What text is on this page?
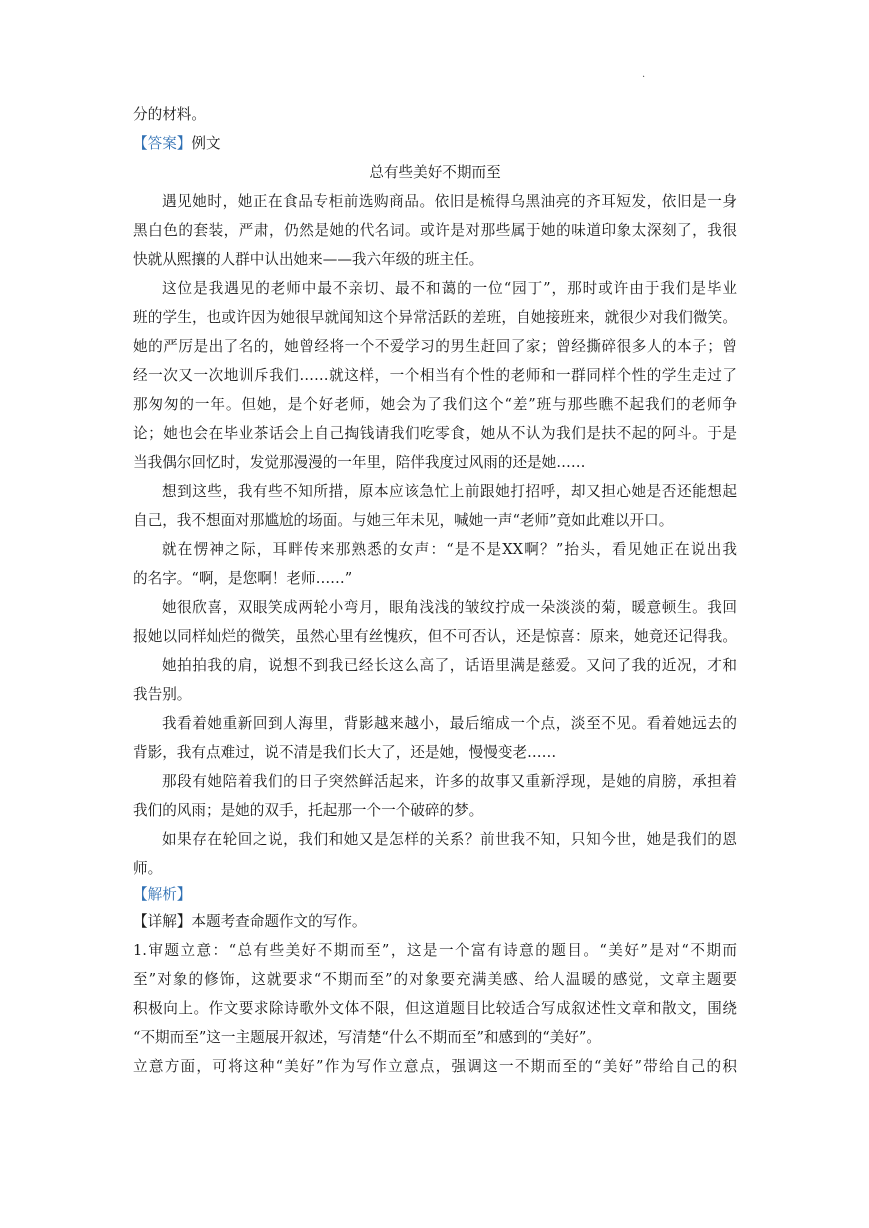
·
分的材料。
【答案】例文
总有些美好不期而至
遇见她时，她正在食品专柜前选购商品。依旧是梳得乌黑油亮的齐耳短发，依旧是一身
黑白色的套装，严肃，仍然是她的代名词。或许是对那些属于她的味道印象太深刻了，我很
快就从熙攘的人群中认出她来——我六年级的班主任。
这位是我遇见的老师中最不亲切、最不和蔼的一位“园丁”，那时或许由于我们是毕业
班的学生，也或许因为她很早就闻知这个异常活跃的差班，自她接班来，就很少对我们微笑。
她的严厉是出了名的，她曾经将一个不爱学习的男生赶回了家；曾经撕碎很多人的本子；曾
经一次又一次地训斥我们……就这样，一个相当有个性的老师和一群同样个性的学生走过了
那匆匆的一年。但她，是个好老师，她会为了我们这个“差”班与那些瞧不起我们的老师争
论；她也会在毕业茶话会上自己掏钱请我们吃零食，她从不认为我们是扶不起的阿斗。于是
当我偶尔回忆时，发觉那漫漫的一年里，陪伴我度过风雨的还是她……
想到这些，我有些不知所措，原本应该急忙上前跟她打招呼，却又担心她是否还能想起
自己，我不想面对那尴尬的场面。与她三年未见，喊她一声“老师”竟如此难以开口。
就在愣神之际，耳畔传来那熟悉的女声：“是不是XX啊？”抬头，看见她正在说出我
的名字。“啊，是您啊！老师……”
她很欣喜，双眼笑成两轮小弯月，眼角浅浅的皱纹拧成一朵淡淡的菊，暖意顿生。我回
报她以同样灿烂的微笑，虽然心里有丝愧疚，但不可否认，还是惊喜：原来，她竟还记得我。
她拍拍我的肩，说想不到我已经长这么高了，话语里满是慈爱。又问了我的近况，才和
我告别。
我看着她重新回到人海里，背影越来越小，最后缩成一个点，淡至不见。看着她远去的
背影，我有点难过，说不清是我们长大了，还是她，慢慢变老……
那段有她陪着我们的日子突然鲜活起来，许多的故事又重新浮现，是她的肩膀，承担着
我们的风雨；是她的双手，托起那一个一个破碎的梦。
如果存在轮回之说，我们和她又是怎样的关系？前世我不知，只知今世，她是我们的恩
师。
【解析】
【详解】本题考查命题作文的写作。
1.审题立意：“总有些美好不期而至”，这是一个富有诗意的题目。“美好”是对“不期而
至”对象的修饰，这就要求“不期而至”的对象要充满美感、给人温暖的感觉，文章主题要
积极向上。作文要求除诗歌外文体不限，但这道题目比较适合写成叙述性文章和散文，围绕
“不期而至”这一主题展开叙述，写清楚“什么不期而至”和感到的“美好”。
立意方面，可将这种“美好”作为写作立意点，强调这一不期而至的“美好”带给自己的积
